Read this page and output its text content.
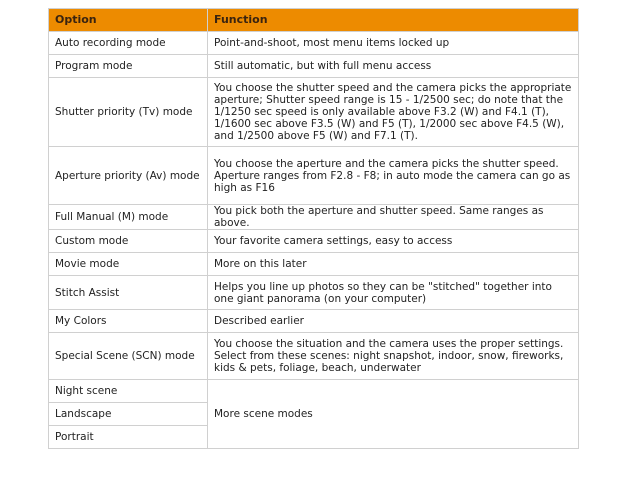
Option	Function
Auto recording mode	Point-and-shoot, most menu items locked up
Program mode	Still automatic, but with full menu access
Shutter priority (Tv) mode	You choose the shutter speed and the camera picks the appropriate aperture; Shutter speed range is 15 - 1/2500 sec; do note that the 1/1250 sec speed is only available above F3.2 (W) and F4.1 (T), 1/1600 sec above F3.5 (W) and F5 (T), 1/2000 sec above F4.5 (W), and 1/2500 above F5 (W) and F7.1 (T).
Aperture priority (Av) mode	You choose the aperture and the camera picks the shutter speed. Aperture ranges from F2.8 - F8; in auto mode the camera can go as high as F16
Full Manual (M) mode	You pick both the aperture and shutter speed. Same ranges as above.
Custom mode	Your favorite camera settings, easy to access
Movie mode	More on this later
Stitch Assist	Helps you line up photos so they can be "stitched" together into one giant panorama (on your computer)
My Colors	Described earlier
Special Scene (SCN) mode	You choose the situation and the camera uses the proper settings. Select from these scenes: night snapshot, indoor, snow, fireworks, kids & pets, foliage, beach, underwater
Night scene	More scene modes
Landscape	
Portrait	
